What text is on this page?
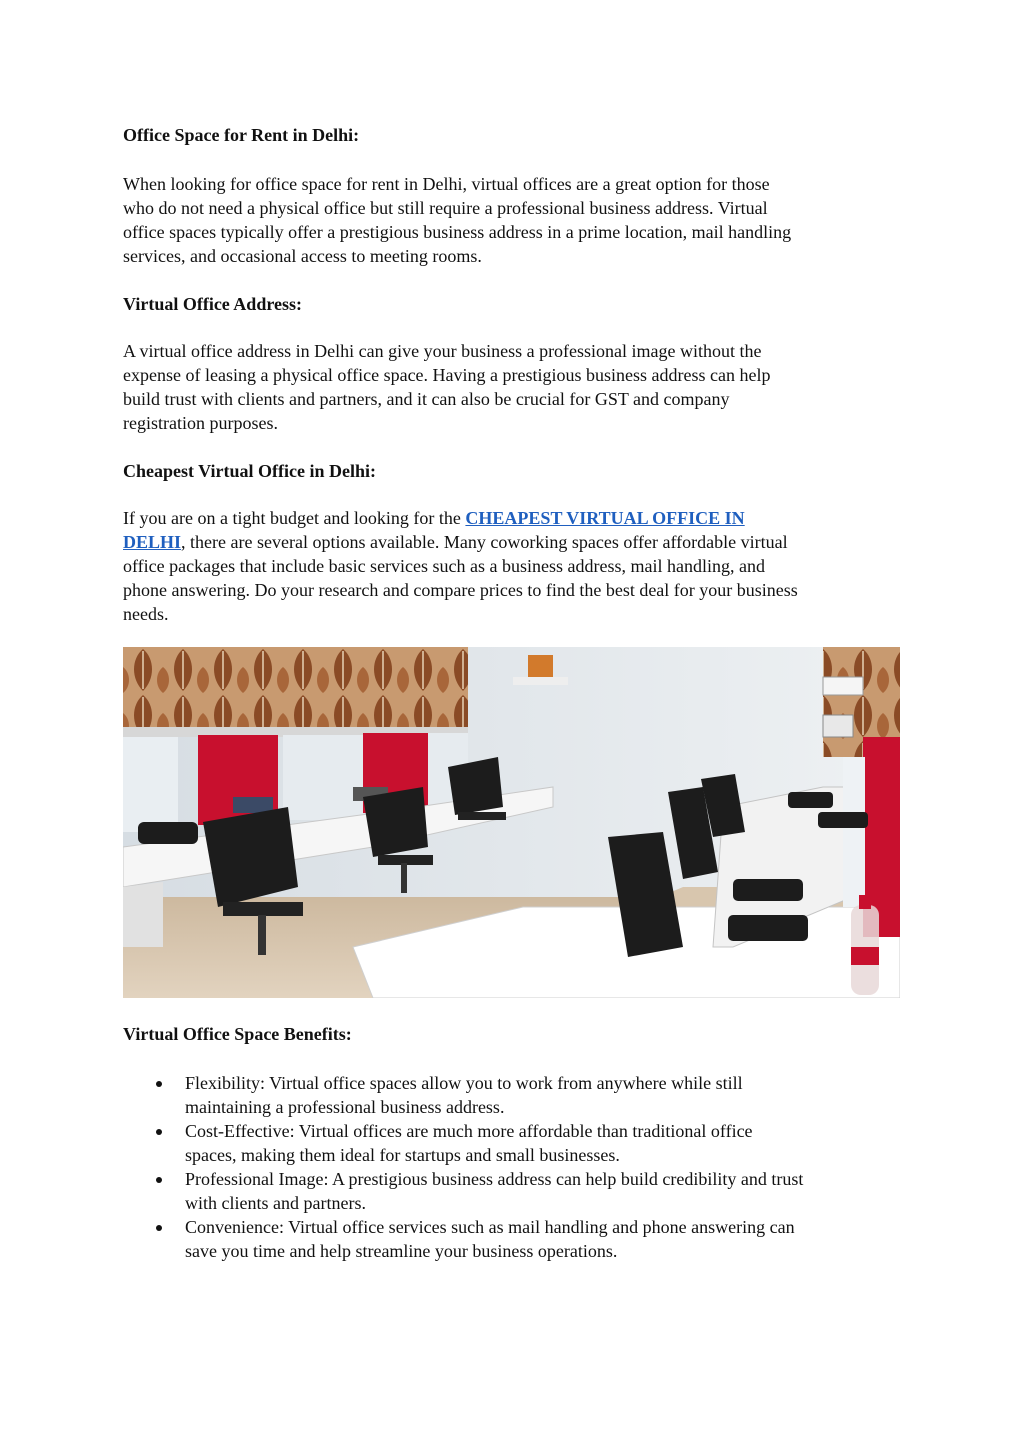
Office Space for Rent in Delhi:
When looking for office space for rent in Delhi, virtual offices are a great option for those
who do not need a physical office but still require a professional business address. Virtual
office spaces typically offer a prestigious business address in a prime location, mail handling
services, and occasional access to meeting rooms.
Virtual Office Address:
A virtual office address in Delhi can give your business a professional image without the
expense of leasing a physical office space. Having a prestigious business address can help
build trust with clients and partners, and it can also be crucial for GST and company
registration purposes.
Cheapest Virtual Office in Delhi:
If you are on a tight budget and looking for the CHEAPEST VIRTUAL OFFICE IN
DELHI, there are several options available. Many coworking spaces offer affordable virtual
office packages that include basic services such as a business address, mail handling, and
phone answering. Do your research and compare prices to find the best deal for your business
needs.
Virtual Office Space Benefits:
Flexibility: Virtual office spaces allow you to work from anywhere while still
maintaining a professional business address.
Cost-Effective: Virtual offices are much more affordable than traditional office
spaces, making them ideal for startups and small businesses.
Professional Image: A prestigious business address can help build credibility and trust
with clients and partners.
Convenience: Virtual office services such as mail handling and phone answering can
save you time and help streamline your business operations.
